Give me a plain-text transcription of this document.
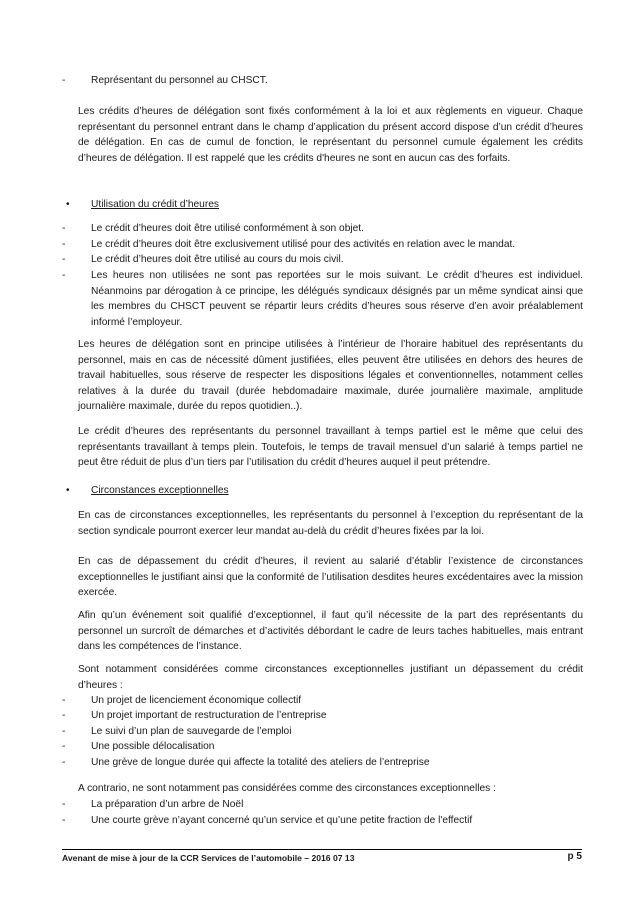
-	Représentant du personnel au CHSCT.
Les crédits d’heures de délégation sont fixés conformément à la loi et aux règlements en vigueur. Chaque représentant du personnel entrant dans le champ d’application du présent accord dispose d’un crédit d’heures de délégation. En cas de cumul de fonction, le représentant du personnel cumule également les crédits d’heures de délégation. Il est rappelé que les crédits d'heures ne sont en aucun cas des forfaits.
• Utilisation du crédit d’heures
-	Le crédit d’heures doit être utilisé conformément à son objet.
-	Le crédit d’heures doit être exclusivement utilisé pour des activités en relation avec le mandat.
-	Le crédit d’heures doit être utilisé au cours du mois civil.
-	Les heures non utilisées ne sont pas reportées sur le mois suivant. Le crédit d’heures est individuel. Néanmoins par dérogation à ce principe, les délégués syndicaux désignés par un même syndicat ainsi que les membres du CHSCT peuvent se répartir leurs crédits d’heures sous réserve d’en avoir préalablement informé l’employeur.
Les heures de délégation sont en principe utilisées à l’intérieur de l’horaire habituel des représentants du personnel, mais en cas de nécessité dûment justifiées, elles peuvent être utilisées en dehors des heures de travail habituelles, sous réserve de respecter les dispositions légales et conventionnelles, notamment celles relatives à la durée du travail (durée hebdomadaire maximale, durée journalière maximale, amplitude journalière maximale, durée du repos quotidien..).
Le crédit d’heures des représentants du personnel travaillant à temps partiel est le même que celui des représentants travaillant à temps plein. Toutefois, le temps de travail mensuel d’un salarié à temps partiel ne peut être réduit de plus d’un tiers par l’utilisation du crédit d’heures auquel il peut prétendre.
• Circonstances exceptionnelles
En cas de circonstances exceptionnelles, les représentants du personnel à l’exception du représentant de la section syndicale pourront exercer leur mandat au-delà du crédit d’heures fixées par la loi.
En cas de dépassement du crédit d’heures, il revient au salarié d’établir l’existence de circonstances exceptionnelles le justifiant ainsi que la conformité de l’utilisation desdites heures excédentaires avec la mission exercée.
Afin qu’un événement soit qualifié d’exceptionnel, il faut qu’il nécessite de la part des représentants du personnel un surcroît de démarches et d’activités débordant le cadre de leurs taches habituelles, mais entrant dans les compétences de l’instance.
Sont notamment considérées comme circonstances exceptionnelles justifiant un dépassement du crédit d’heures :
-	Un projet de licenciement économique collectif
-	Un projet important de restructuration de l’entreprise
-	Le suivi d’un plan de sauvegarde de l’emploi
-	Une possible délocalisation
-	Une grève de longue durée qui affecte la totalité des ateliers de l’entreprise
A contrario, ne sont notamment pas considérées comme des circonstances exceptionnelles :
-	La préparation d’un arbre de Noël
-	Une courte grève n’ayant concerné qu’un service et qu’une petite fraction de l'effectif
Avenant de mise à jour de la CCR Services de l’automobile – 2016 07 13	p 5
